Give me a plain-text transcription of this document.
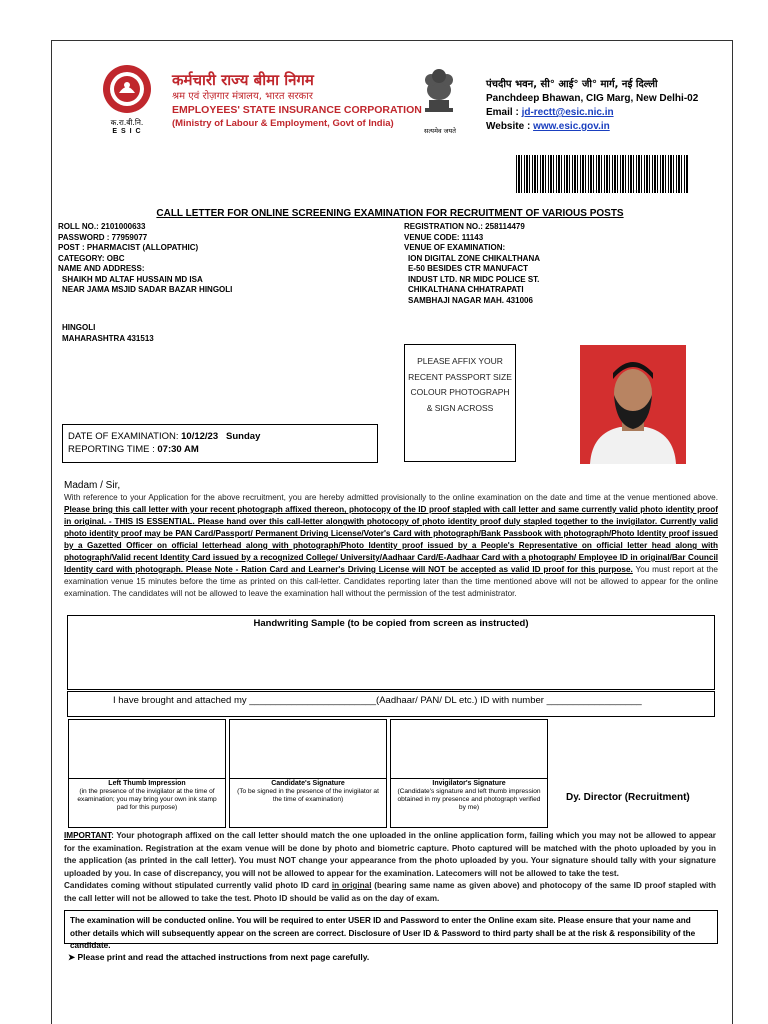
क.रा.बी.नि.
E S I C
कर्मचारी राज्य बीमा निगम
श्रम एवं रोज़गार मंत्रालय, भारत सरकार
EMPLOYEES' STATE INSURANCE CORPORATION
(Ministry of Labour & Employment, Govt of India)
सत्यमेव जयते
पंचदीप भवन, सी° आई° जी° मार्ग, नई दिल्ली
Panchdeep Bhawan, CIG Marg, New Delhi-02
Email : jd-rectt@esic.nic.in
Website : www.esic.gov.in
CALL LETTER FOR ONLINE SCREENING EXAMINATION FOR RECRUITMENT OF VARIOUS POSTS
ROLL NO.: 2101000633
PASSWORD : 77959077
POST : PHARMACIST (ALLOPATHIC)
CATEGORY: OBC
NAME AND ADDRESS:
SHAIKH MD ALTAF HUSSAIN MD ISA
NEAR JAMA MSJID SADAR BAZAR HINGOLI
HINGOLI
MAHARASHTRA 431513
REGISTRATION NO.: 258114479
VENUE CODE: 11143
VENUE OF EXAMINATION:
ION DIGITAL ZONE CHIKALTHANA
E-50 BESIDES CTR MANUFACT
INDUST LTD. NR MIDC POLICE ST.
CHIKALTHANA CHHATRAPATI
SAMBHAJI NAGAR MAH. 431006
PLEASE AFFIX YOUR
RECENT PASSPORT SIZE
COLOUR PHOTOGRAPH
& SIGN ACROSS
DATE OF EXAMINATION: 10/12/23 Sunday
REPORTING TIME : 07:30 AM
Madam / Sir,
With reference to your Application for the above recruitment, you are hereby admitted provisionally to the online examination on the date and time at the venue mentioned above. Please bring this call letter with your recent photograph affixed thereon, photocopy of the ID proof stapled with call letter and same currently valid photo identity proof in original. - THIS IS ESSENTIAL. Please hand over this call-letter alongwith photocopy of photo identity proof duly stapled together to the invigilator. Currently valid photo identity proof may be PAN Card/Passport/ Permanent Driving License/Voter's Card with photograph/Bank Passbook with photograph/Photo Identity proof issued by a Gazetted Officer on official letterhead along with photograph/Photo Identity proof issued by a People's Representative on official letter head along with photograph/Valid recent Identity Card issued by a recognized College/ University/Aadhaar Card/E-Aadhaar Card with a photograph/ Employee ID in original/Bar Council Identity card with photograph. Please Note - Ration Card and Learner's Driving License will NOT be accepted as valid ID proof for this purpose. You must report at the examination venue 15 minutes before the time as printed on this call-letter. Candidates reporting later than the time mentioned above will not be allowed to appear for the online examination. The candidates will not be allowed to leave the examination hall without the permission of the test administrator.
Handwriting Sample (to be copied from screen as instructed)
I have brought and attached my ________________________(Aadhaar/ PAN/ DL etc.) ID with number __________________
Left Thumb Impression
(in the presence of the invigilator at the time of examination; you may bring your own ink stamp pad for this purpose)
Candidate's Signature
(To be signed in the presence of the invigilator at the time of examination)
Invigilator's Signature
(Candidate's signature and left thumb impression obtained in my presence and photograph verified by me)
Dy. Director (Recruitment)
IMPORTANT: Your photograph affixed on the call letter should match the one uploaded in the online application form, failing which you may not be allowed to appear for the examination. Registration at the exam venue will be done by photo and biometric capture. Photo captured will be matched with the photo uploaded by you in the application (as printed in the call letter). You must NOT change your appearance from the photo uploaded by you. Your signature should tally with your signature uploaded by you. In case of discrepancy, you will not be allowed to appear for the examination. Latecomers will not be allowed to take the test.
Candidates coming without stipulated currently valid photo ID card in original (bearing same name as given above) and photocopy of the same ID proof stapled with the call letter will not be allowed to take the test. Photo ID should be valid as on the day of exam.
The examination will be conducted online. You will be required to enter USER ID and Password to enter the Online exam site. Please ensure that your name and other details which will subsequently appear on the screen are correct. Disclosure of User ID & Password to third party shall be at the risk & responsibility of the candidate.
➤ Please print and read the attached instructions from next page carefully.
